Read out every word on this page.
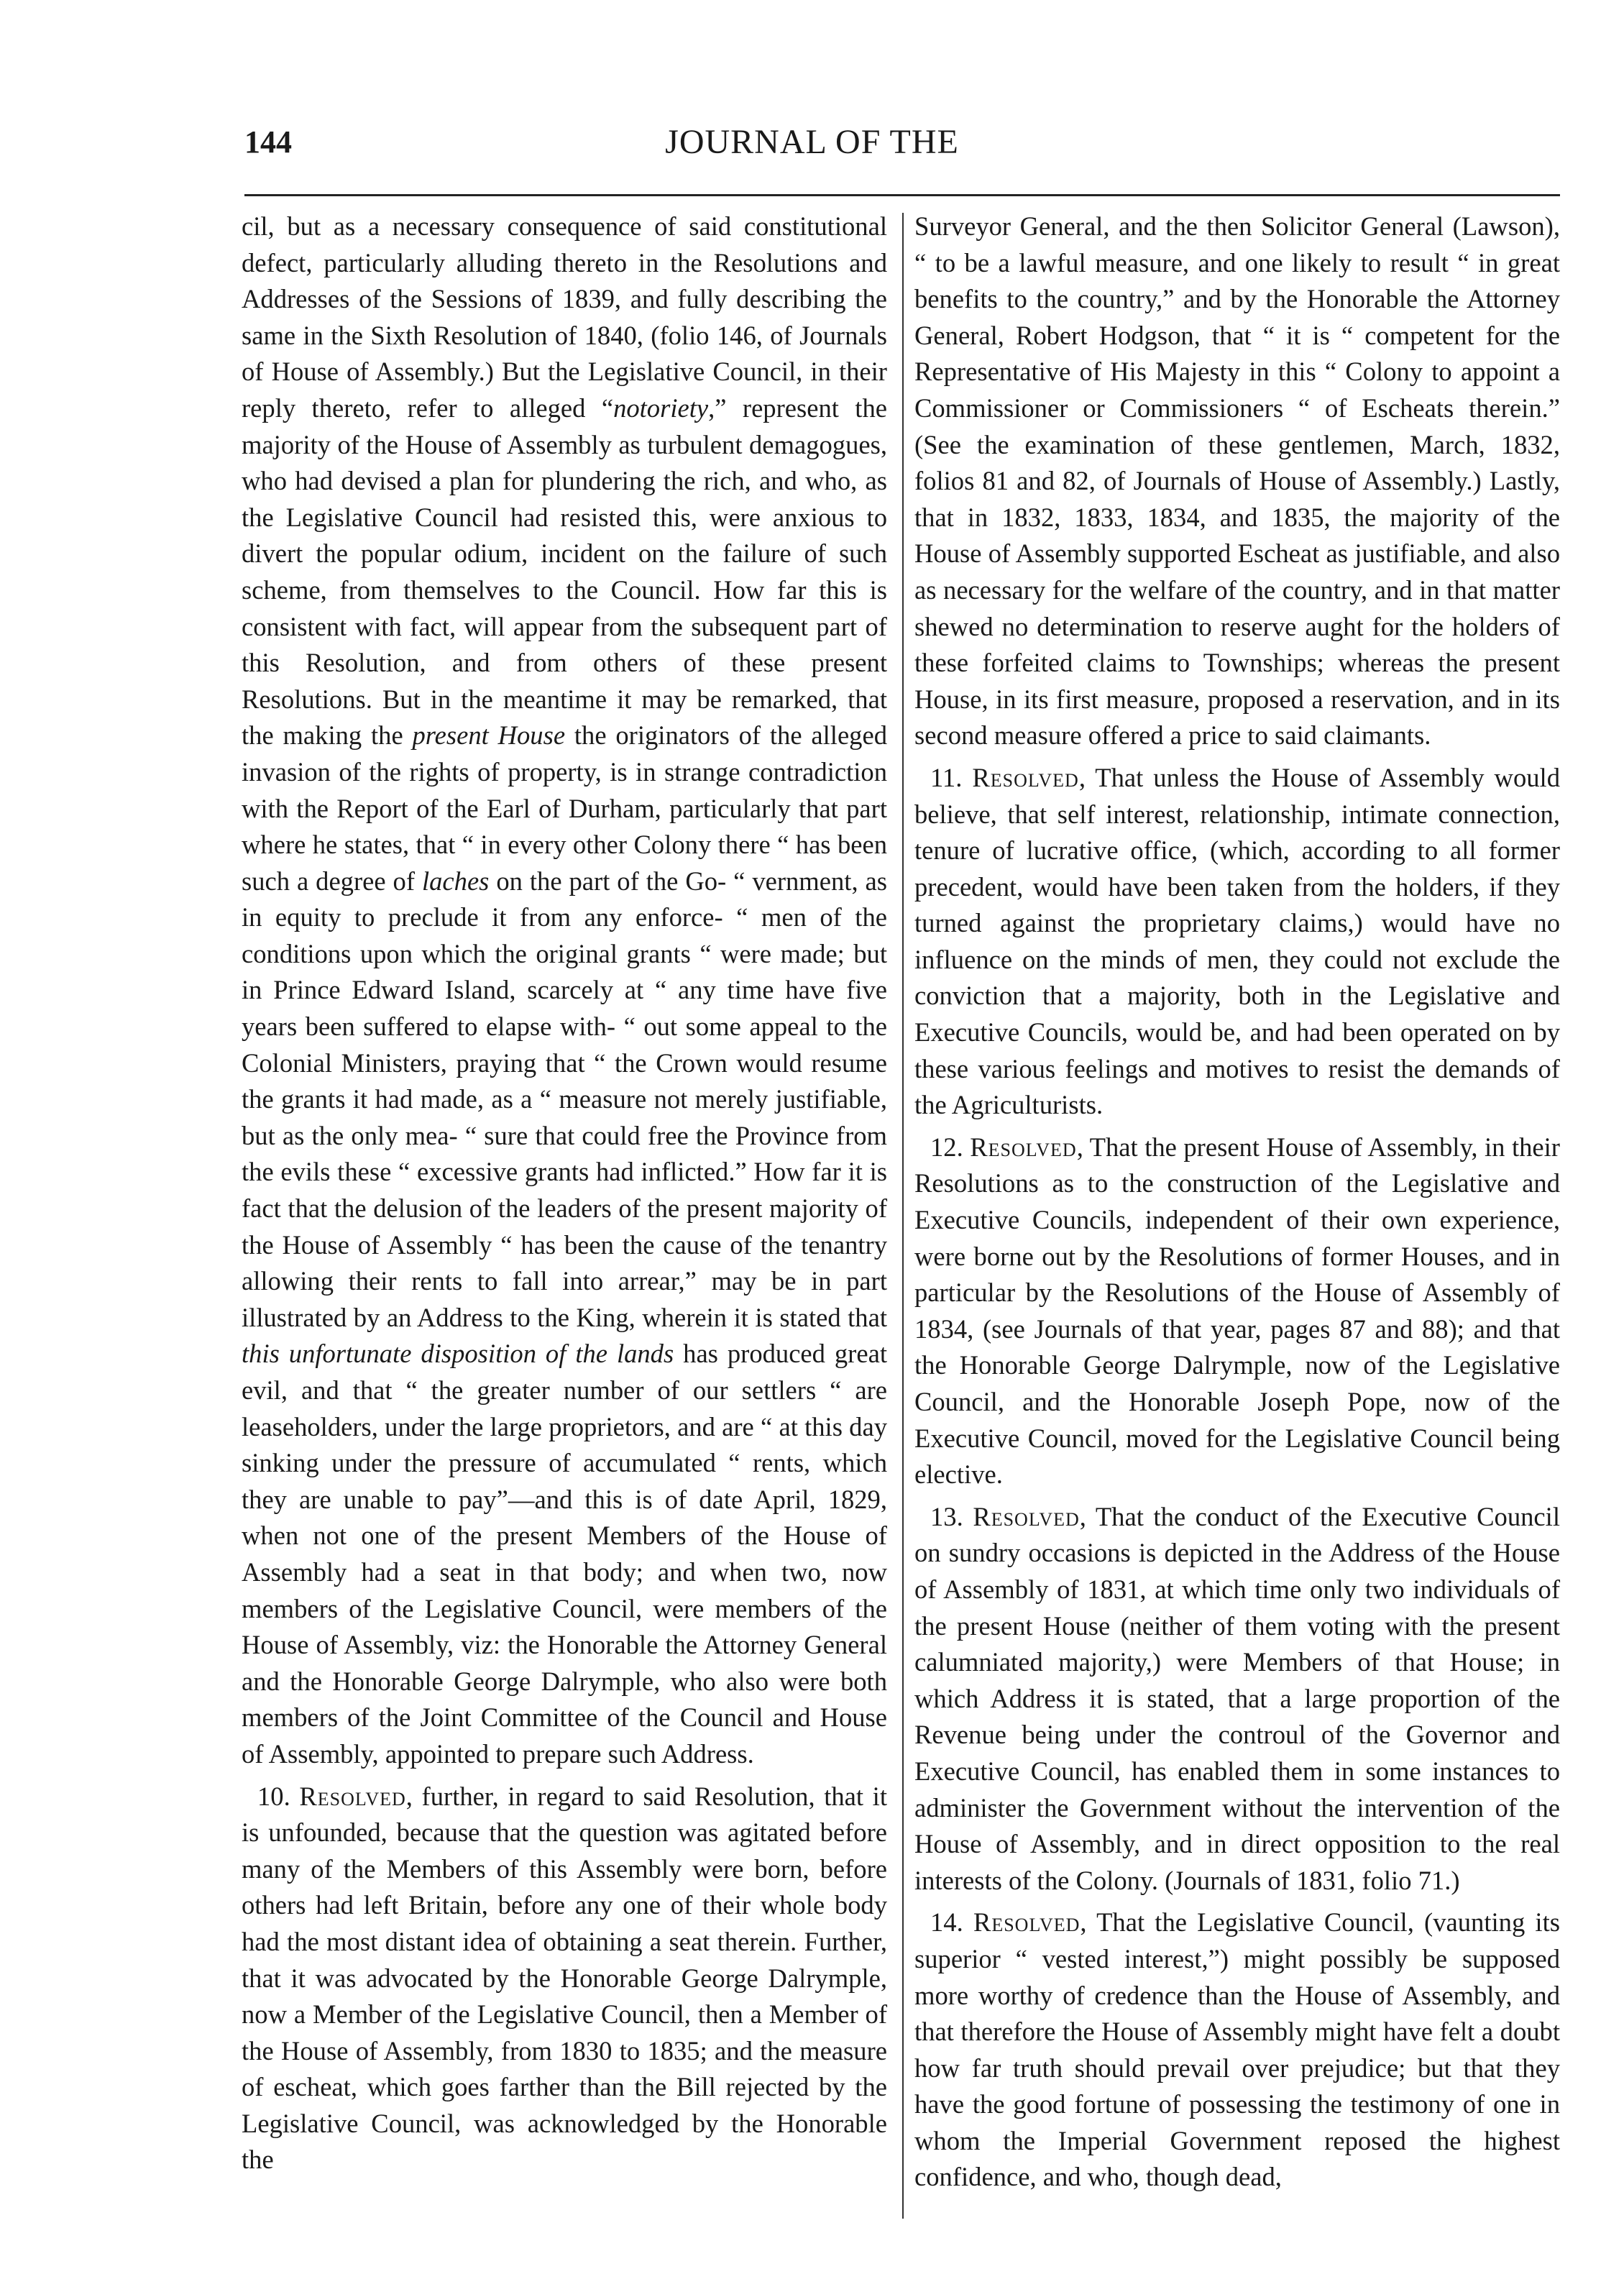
144	JOURNAL OF THE

cil, but as a necessary consequence of said constitutional defect, particularly alluding thereto in the Resolutions and Addresses of the Sessions of 1839, and fully describing the same in the Sixth Resolution of 1840, (folio 146, of Journals of House of Assembly.) But the Legislative Council, in their reply thereto, refer to alleged “notoriety,” represent the majority of the House of Assembly as turbulent demagogues, who had devised a plan for plundering the rich, and who, as the Legislative Council had resisted this, were anxious to divert the popular odium, incident on the failure of such scheme, from themselves to the Council. How far this is consistent with fact, will appear from the subsequent part of this Resolution, and from others of these present Resolutions. But in the meantime it may be remarked, that the making the present House the originators of the alleged invasion of the rights of property, is in strange contradiction with the Report of the Earl of Durham, particularly that part where he states, that “ in every other Colony there “ has been such a degree of laches on the part of the Go- “ vernment, as in equity to preclude it from any enforce- “ men of the conditions upon which the original grants “ were made; but in Prince Edward Island, scarcely at “ any time have five years been suffered to elapse with- “ out some appeal to the Colonial Ministers, praying that “ the Crown would resume the grants it had made, as a “ measure not merely justifiable, but as the only mea- “ sure that could free the Province from the evils these “ excessive grants had inflicted.” How far it is fact that the delusion of the leaders of the present majority of the House of Assembly “ has been the cause of the tenantry allowing their rents to fall into arrear,” may be in part illustrated by an Address to the King, wherein it is stated that this unfortunate disposition of the lands has produced great evil, and that “ the greater number of our settlers “ are leaseholders, under the large proprietors, and are “ at this day sinking under the pressure of accumulated “ rents, which they are unable to pay”—and this is of date April, 1829, when not one of the present Members of the House of Assembly had a seat in that body; and when two, now members of the Legislative Council, were members of the House of Assembly, viz: the Honorable the Attorney General and the Honorable George Dalrymple, who also were both members of the Joint Committee of the Council and House of Assembly, appointed to prepare such Address.

10. Resolved, further, in regard to said Resolution, that it is unfounded, because that the question was agitated before many of the Members of this Assembly were born, before others had left Britain, before any one of their whole body had the most distant idea of obtaining a seat therein. Further, that it was advocated by the Honorable George Dalrymple, now a Member of the Legislative Council, then a Member of the House of Assembly, from 1830 to 1835; and the measure of escheat, which goes farther than the Bill rejected by the Legislative Council, was acknowledged by the Honorable the

Surveyor General, and the then Solicitor General (Lawson), “ to be a lawful measure, and one likely to result “ in great benefits to the country,” and by the Honorable the Attorney General, Robert Hodgson, that “ it is “ competent for the Representative of His Majesty in this “ Colony to appoint a Commissioner or Commissioners “ of Escheats therein.” (See the examination of these gentlemen, March, 1832, folios 81 and 82, of Journals of House of Assembly.) Lastly, that in 1832, 1833, 1834, and 1835, the majority of the House of Assembly supported Escheat as justifiable, and also as necessary for the welfare of the country, and in that matter shewed no determination to reserve aught for the holders of these forfeited claims to Townships; whereas the present House, in its first measure, proposed a reservation, and in its second measure offered a price to said claimants.

11. Resolved, That unless the House of Assembly would believe, that self interest, relationship, intimate connection, tenure of lucrative office, (which, according to all former precedent, would have been taken from the holders, if they turned against the proprietary claims,) would have no influence on the minds of men, they could not exclude the conviction that a majority, both in the Legislative and Executive Councils, would be, and had been operated on by these various feelings and motives to resist the demands of the Agriculturists.

12. Resolved, That the present House of Assembly, in their Resolutions as to the construction of the Legislative and Executive Councils, independent of their own experience, were borne out by the Resolutions of former Houses, and in particular by the Resolutions of the House of Assembly of 1834, (see Journals of that year, pages 87 and 88); and that the Honorable George Dalrymple, now of the Legislative Council, and the Honorable Joseph Pope, now of the Executive Council, moved for the Legislative Council being elective.

13. Resolved, That the conduct of the Executive Council on sundry occasions is depicted in the Address of the House of Assembly of 1831, at which time only two individuals of the present House (neither of them voting with the present calumniated majority,) were Members of that House; in which Address it is stated, that a large proportion of the Revenue being under the controul of the Governor and Executive Council, has enabled them in some instances to administer the Government without the intervention of the House of Assembly, and in direct opposition to the real interests of the Colony. (Journals of 1831, folio 71.)

14. Resolved, That the Legislative Council, (vaunting its superior “ vested interest,”) might possibly be supposed more worthy of credence than the House of Assembly, and that therefore the House of Assembly might have felt a doubt how far truth should prevail over prejudice; but that they have the good fortune of possessing the testimony of one in whom the Imperial Government reposed the highest confidence, and who, though dead,
